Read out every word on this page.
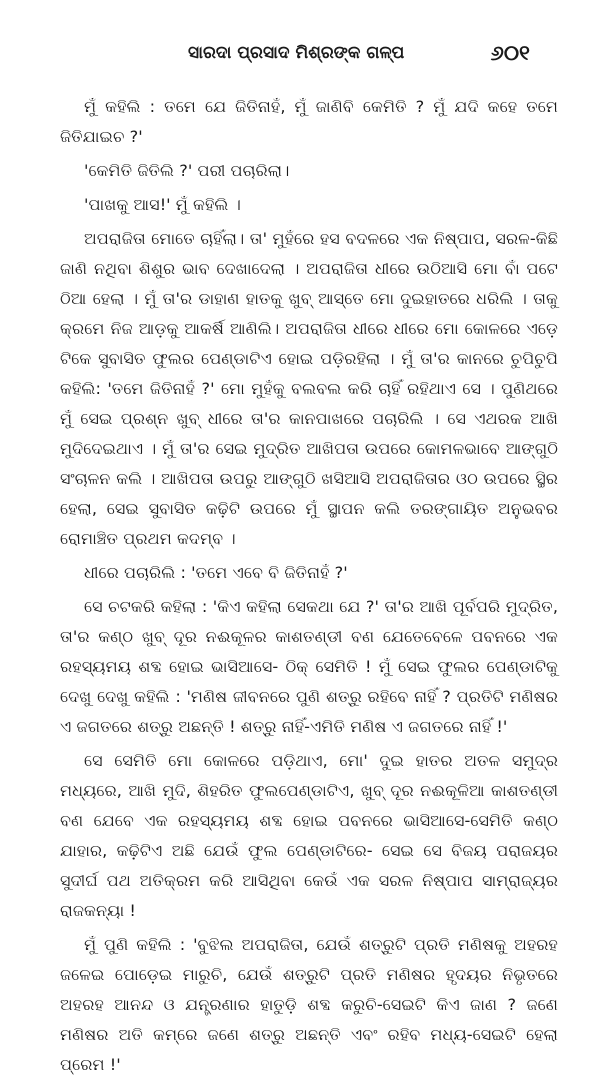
ସାରଦା ପ୍ରସାଦ ମିଶ୍ରଙ୍କ ଗଳ୍ପ	୬୦୧

ମୁଁ କହିଲି : ତମେ ଯେ ଜିତିନାହଁ, ମୁଁ ଜାଣିବି କେମିତି ? ମୁଁ ଯଦି କହେ ତମେ ଜିତିଯାଇଚ ?'

'କେମିତି ଜିତିଲି ?' ପରୀ ପଚାରିଲା।

'ପାଖକୁ ଆସ!' ମୁଁ କହିଲି ।

ଅପରାଜିତା ମୋତେ ଚାହିଁଲା। ତା' ମୁହଁରେ ହସ ବଦଳରେ ଏକ ନିଷ୍ପାପ, ସରଳ-କିଛି ଜାଣି ନଥିବା ଶିଶୁର ଭାବ ଦେଖାଦେଲା । ଅପରାଜିତା ଧୀରେ ଉଠିଆସି ମୋ ବାଁ ପଟେ ଠିଆ ହେଲା । ମୁଁ ତା'ର ଡାହାଣ ହାତକୁ ଖୁବ୍ ଆସ୍ତେ ମୋ ଦୁଇହାତରେ ଧରିଲି । ତାକୁ କ୍ରମେ ନିଜ ଆଡ଼କୁ ଆକର୍ଷି ଆଣିଲି। ଅପରାଜିତା ଧୀରେ ଧୀରେ ମୋ କୋଳରେ ଏଡ଼େ ଟିକେ ସୁବାସିତ ଫୁଲର ପେଣ୍ଡାଟିଏ ହୋଇ ପଡ଼ିରହିଲା । ମୁଁ ତା'ର କାନରେ ଚୁପିଚୁପି କହିଲି: 'ତମେ ଜିତିନାହଁ ?' ମୋ ମୁହଁକୁ ବଲବଲ କରି ଚାହିଁ ରହିଥାଏ ସେ । ପୁଣିଥରେ ମୁଁ ସେଇ ପ୍ରଶ୍ନ ଖୁବ୍ ଧୀରେ ତା'ର କାନପାଖରେ ପଚାରିଲି । ସେ ଏଥରକ ଆଖି ମୁଦିଦେଇଥାଏ । ମୁଁ ତା'ର ସେଇ ମୁଦ୍ରିତ ଆଖିପତା ଉପରେ କୋମଳଭାବେ ଆଙ୍ଗୁଠି ସଂଚାଳନ କଲି । ଆଖିପତା ଉପରୁ ଆଙ୍ଗୁଠି ଖସିଆସି ଅପରାଜିତାର ଓଠ ଉପରେ ସ୍ଥିର ହେଲା, ସେଇ ସୁବାସିତ କଢ଼ିଟି ଉପରେ ମୁଁ ସ୍ଥାପନ କଲି ତରଙ୍ଗାୟିତ ଅନୁଭବର ରୋମାଞ୍ଚିତ ପ୍ରଥମ କଦମ୍ବ ।

ଧୀରେ ପଚାରିଲି : 'ତମେ ଏବେ ବି ଜିତିନାହଁ ?'

ସେ ଚଟକରି କହିଲା : 'କିଏ କହିଲା ସେକଥା ଯେ ?' ତା'ର ଆଖି ପୂର୍ବପରି ମୁଦ୍ରିତ, ତା'ର କଣ୍ଠ ଖୁବ୍ ଦୂର ନଈକୂଳର କାଶତଣ୍ଡୀ ବଣ ଯେତେବେଳେ ପବନରେ ଏକ ରହସ୍ୟମୟ ଶବ୍ଦ ହୋଇ ଭାସିଆସେ- ଠିକ୍ ସେମିତି ! ମୁଁ ସେଇ ଫୁଲର ପେଣ୍ଡାଟିକୁ ଦେଖୁ ଦେଖୁ କହିଲି : 'ମଣିଷ ଜୀବନରେ ପୁଣି ଶତ୍ରୁ ରହିବେ ନାହିଁ ? ପ୍ରତିଟି ମଣିଷର ଏ ଜଗତରେ ଶତ୍ରୁ ଅଛନ୍ତି ! ଶତ୍ରୁ ନାହିଁ-ଏମିତି ମଣିଷ ଏ ଜଗତରେ ନାହିଁ !'

ସେ ସେମିତି ମୋ କୋଳରେ ପଡ଼ିଥାଏ, ମୋ' ଦୁଇ ହାତର ଅତଳ ସମୁଦ୍ର ମଧ୍ୟରେ, ଆଖି ମୁଦି, ଶିହରିତ ଫୁଲପେଣ୍ଡାଟିଏ, ଖୁବ୍ ଦୂର ନଈକୂଳିଆ କାଶତଣ୍ଡୀ ବଣ ଯେବେ ଏକ ରହସ୍ୟମୟ ଶବ୍ଦ ହୋଇ ପବନରେ ଭାସିଆସେ-ସେମିତି କଣ୍ଠ ଯାହାର, କଢ଼ିଟିଏ ଅଛି ଯେଉଁ ଫୁଲ ପେଣ୍ଡାଟିରେ- ସେଇ ସେ ବିଜୟ ପରାଜୟର ସୁଦୀର୍ଘ ପଥ ଅତିକ୍ରମ କରି ଆସିଥିବା କେଉଁ ଏକ ସରଳ ନିଷ୍ପାପ ସାମ୍ରାଜ୍ୟର ରାଜକନ୍ୟା !

ମୁଁ ପୁଣି କହିଲି : 'ବୁଝିଲ ଅପରାଜିତା, ଯେଉଁ ଶତ୍ରୁଟି ପ୍ରତି ମଣିଷକୁ ଅହରହ ଜଳେଇ ପୋଡ଼େଇ ମାରୁଚି, ଯେଉଁ ଶତ୍ରୁଟି ପ୍ରତି ମଣିଷର ହୃଦୟର ନିଭୃତରେ ଅହରହ ଆନନ୍ଦ ଓ ଯନ୍ତ୍ରଣାର ହାତୁଡ଼ି ଶବ୍ଦ କରୁଚି-ସେଇଟି କିଏ ଜାଣ ? ଜଣେ ମଣିଷର ଅତି କମ୍‌ରେ ଜଣେ ଶତ୍ରୁ ଅଛନ୍ତି ଏବଂ ରହିବ ମଧ୍ୟ-ସେଇଟି ହେଲା ପ୍ରେମ !'
